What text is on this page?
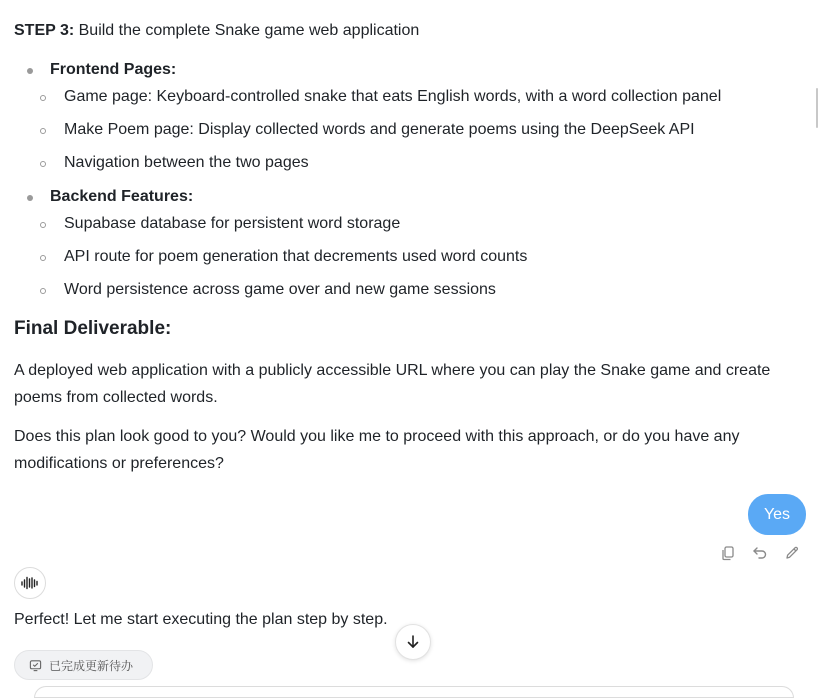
STEP 3: Build the complete Snake game web application
Frontend Pages:
Game page: Keyboard-controlled snake that eats English words, with a word collection panel
Make Poem page: Display collected words and generate poems using the DeepSeek API
Navigation between the two pages
Backend Features:
Supabase database for persistent word storage
API route for poem generation that decrements used word counts
Word persistence across game over and new game sessions
Final Deliverable:
A deployed web application with a publicly accessible URL where you can play the Snake game and create poems from collected words.
Does this plan look good to you? Would you like me to proceed with this approach, or do you have any modifications or preferences?
Yes
Perfect! Let me start executing the plan step by step.
已完成更新待办
